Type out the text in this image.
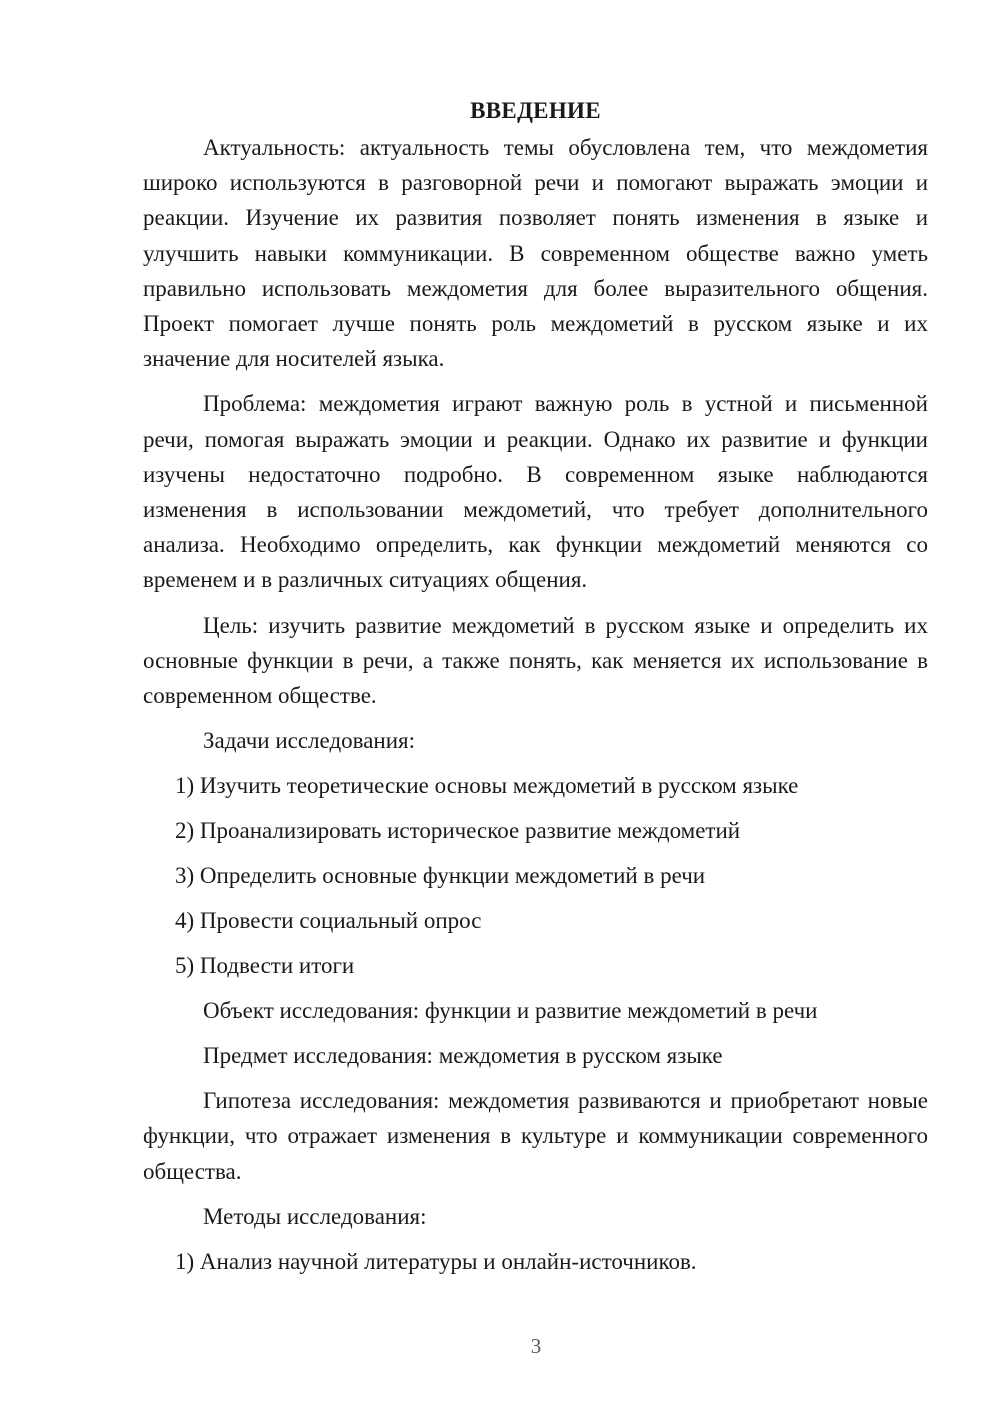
ВВЕДЕНИЕ

Актуальность: актуальность темы обусловлена тем, что междометия широко используются в разговорной речи и помогают выражать эмоции и реакции. Изучение их развития позволяет понять изменения в языке и улучшить навыки коммуникации. В современном обществе важно уметь правильно использовать междометия для более выразительного общения. Проект помогает лучше понять роль междометий в русском языке и их значение для носителей языка.

Проблема: междометия играют важную роль в устной и письменной речи, помогая выражать эмоции и реакции. Однако их развитие и функции изучены недостаточно подробно. В современном языке наблюдаются изменения в использовании междометий, что требует дополнительного анализа. Необходимо определить, как функции междометий меняются со временем и в различных ситуациях общения.

Цель: изучить развитие междометий в русском языке и определить их основные функции в речи, а также понять, как меняется их использование в современном обществе.

Задачи исследования:

1) Изучить теоретические основы междометий в русском языке

2) Проанализировать историческое развитие междометий

3) Определить основные функции междометий в речи

4) Провести социальный опрос

5) Подвести итоги

Объект исследования: функции и развитие междометий в речи

Предмет исследования: междометия в русском языке

Гипотеза исследования: междометия развиваются и приобретают новые функции, что отражает изменения в культуре и коммуникации современного общества.

Методы исследования:

1) Анализ научной литературы и онлайн-источников.

3
